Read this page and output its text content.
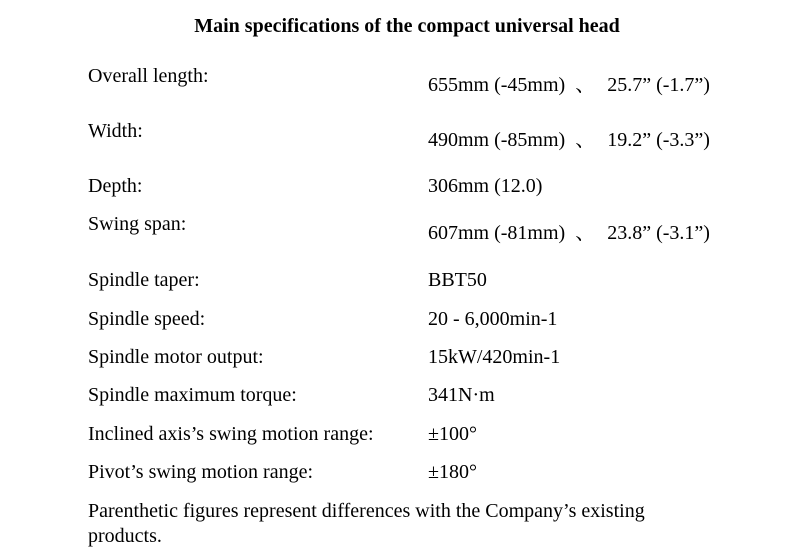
Main specifications of the compact universal head
Overall length:	655mm (-45mm) 、 25.7” (-1.7”)
Width:	490mm (-85mm) 、 19.2” (-3.3”)
Depth:	306mm (12.0)
Swing span:	607mm (-81mm) 、 23.8” (-3.1”)
Spindle taper:	BBT50
Spindle speed:	20 - 6,000min-1
Spindle motor output:	15kW/420min-1
Spindle maximum torque:	341N·m
Inclined axis’s swing motion range:	±100°
Pivot’s swing motion range:	±180°
Parenthetic figures represent differences with the Company’s existing products.
